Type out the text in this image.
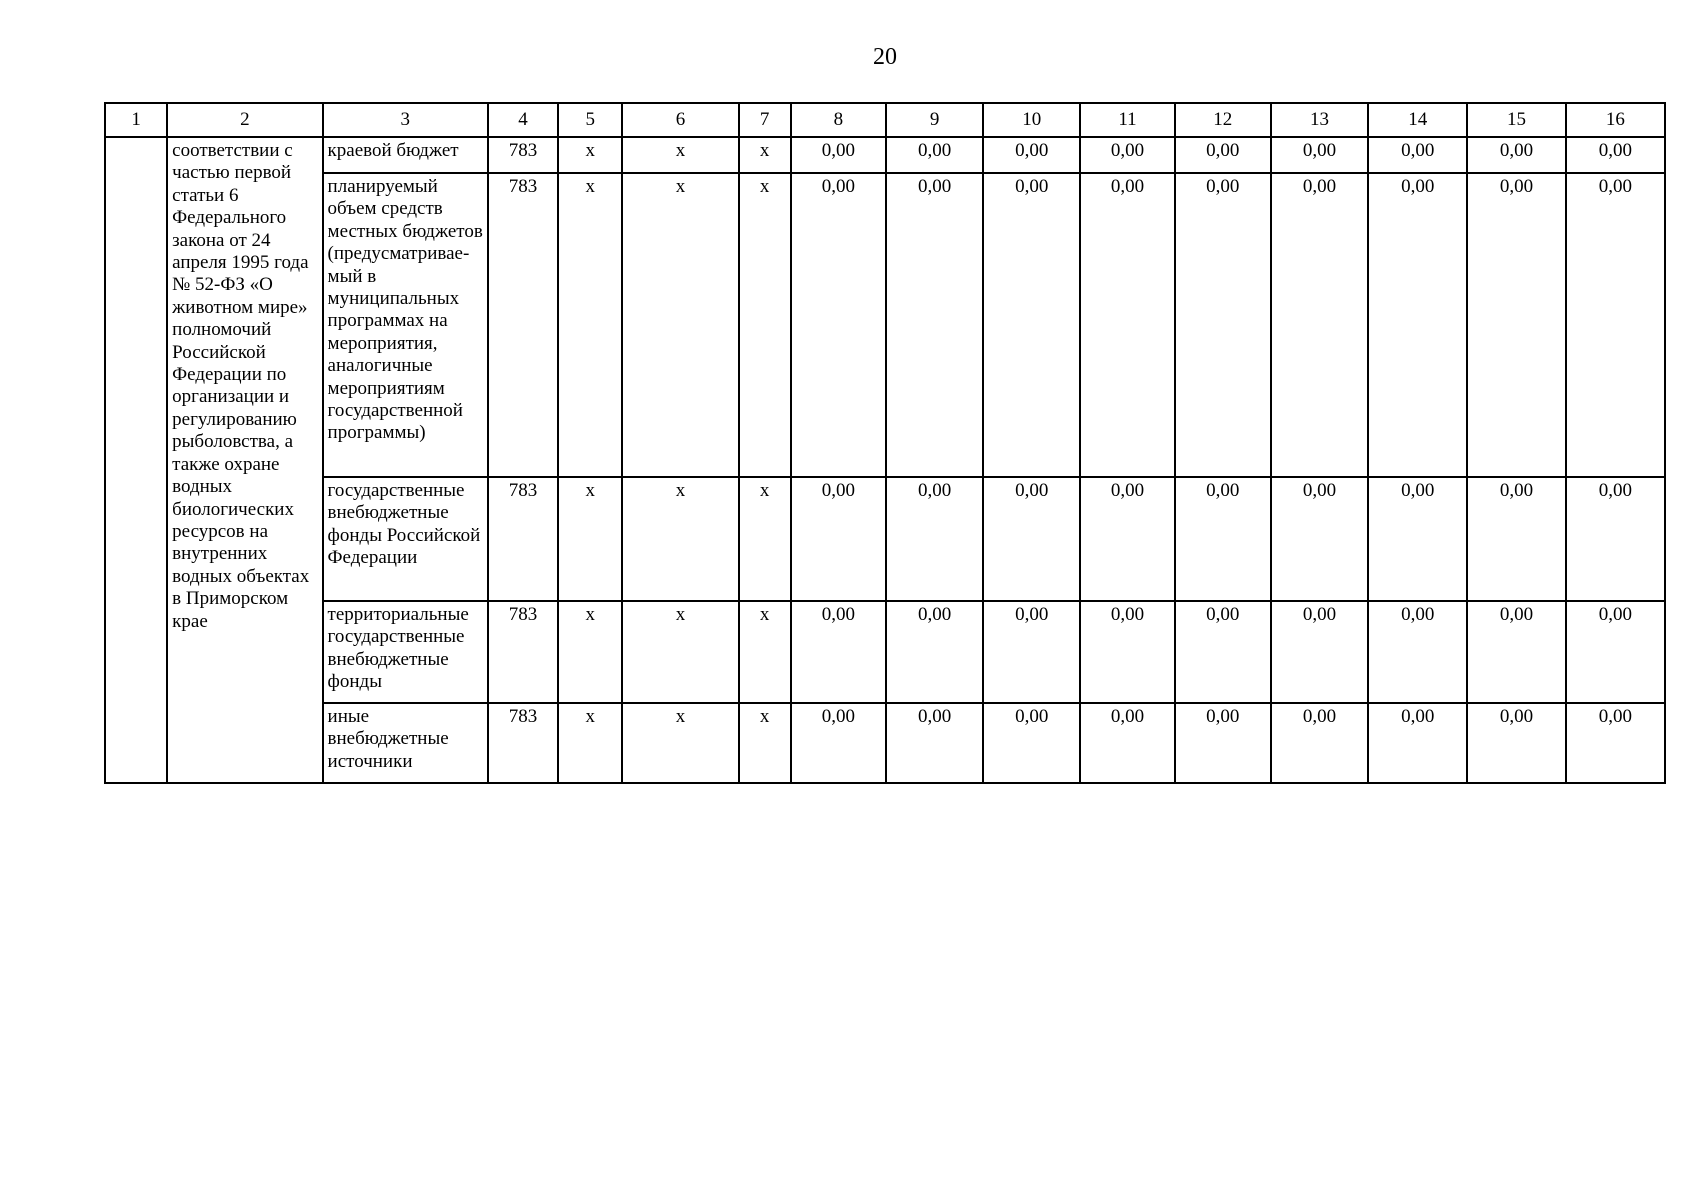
20
1	2	3	4	5	6	7	8	9	10	11	12	13	14	15	16
	соответствии с частью первой статьи 6 Федерального закона от 24 апреля 1995 года № 52-ФЗ «О животном мире» полномочий Российской Федерации по организации и регулированию рыболовства, а также охране водных биологических ресурсов на внутренних водных объектах в Приморском крае	краевой бюджет	783	х	х	х	0,00	0,00	0,00	0,00	0,00	0,00	0,00	0,00	0,00
		планируемый объем средств местных бюджетов (предусматривае-мый в муниципальных программах на мероприятия, аналогичные мероприятиям государственной программы)	783	х	х	х	0,00	0,00	0,00	0,00	0,00	0,00	0,00	0,00	0,00
		государственные внебюджетные фонды Российской Федерации	783	х	х	х	0,00	0,00	0,00	0,00	0,00	0,00	0,00	0,00	0,00
		территориальные государственные внебюджетные фонды	783	х	х	х	0,00	0,00	0,00	0,00	0,00	0,00	0,00	0,00	0,00
		иные внебюджетные источники	783	х	х	х	0,00	0,00	0,00	0,00	0,00	0,00	0,00	0,00	0,00
